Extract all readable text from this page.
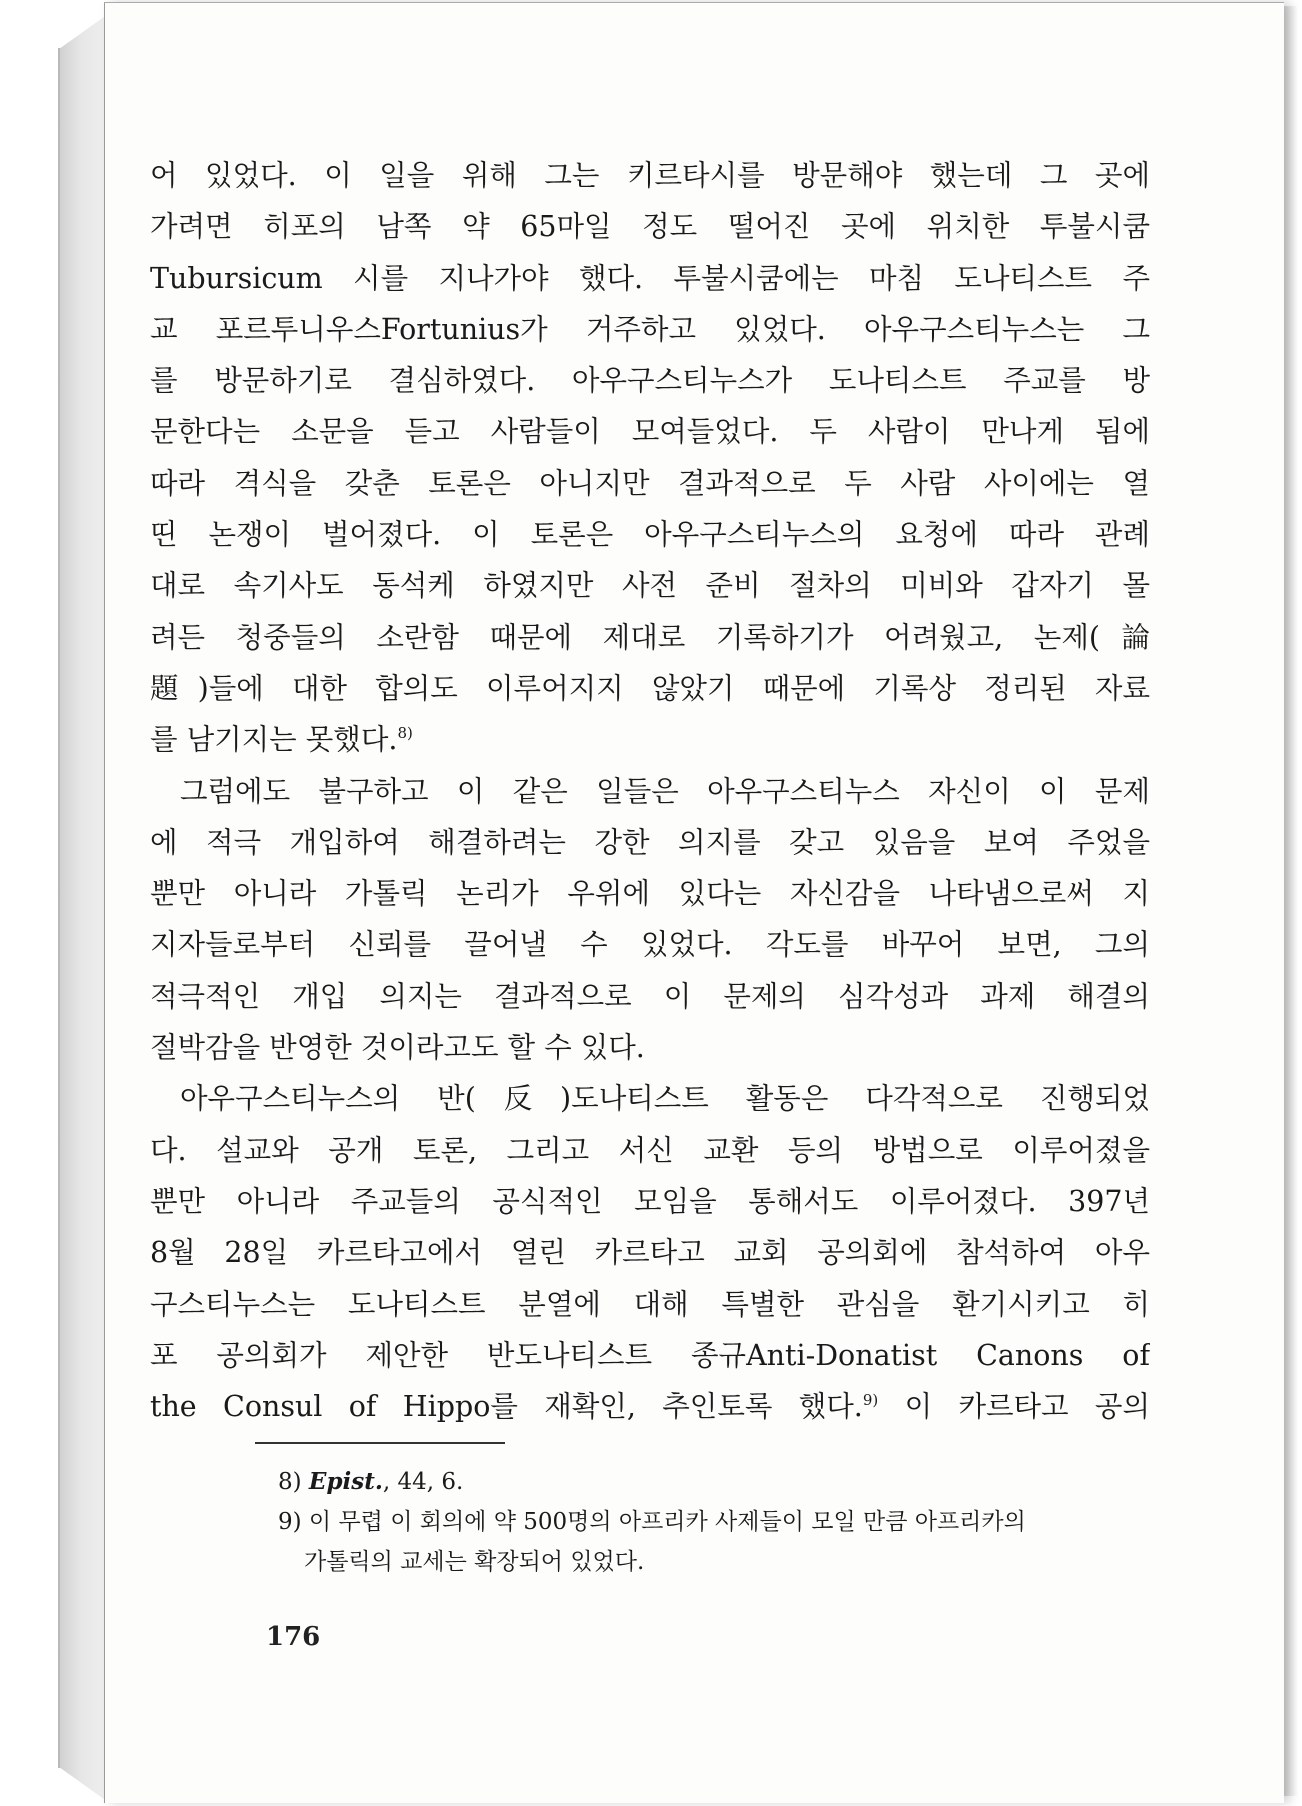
어 있었다. 이 일을 위해 그는 키르타시를 방문해야 했는데 그 곳에
가려면 히포의 남쪽 약 65마일 정도 떨어진 곳에 위치한 투불시쿰
Tubursicum 시를 지나가야 했다. 투불시쿰에는 마침 도나티스트 주
교 포르투니우스Fortunius가 거주하고 있었다. 아우구스티누스는 그
를 방문하기로 결심하였다. 아우구스티누스가 도나티스트 주교를 방
문한다는 소문을 듣고 사람들이 모여들었다. 두 사람이 만나게 됨에
따라 격식을 갖춘 토론은 아니지만 결과적으로 두 사람 사이에는 열
띤 논쟁이 벌어졌다. 이 토론은 아우구스티누스의 요청에 따라 관례
대로 속기사도 동석케 하였지만 사전 준비 절차의 미비와 갑자기 몰
려든 청중들의 소란함 때문에 제대로 기록하기가 어려웠고, 논제(論
題)들에 대한 합의도 이루어지지 않았기 때문에 기록상 정리된 자료
를 남기지는 못했다.$^{8)}$
그럼에도 불구하고 이 같은 일들은 아우구스티누스 자신이 이 문제
에 적극 개입하여 해결하려는 강한 의지를 갖고 있음을 보여 주었을
뿐만 아니라 가톨릭 논리가 우위에 있다는 자신감을 나타냄으로써 지
지자들로부터 신뢰를 끌어낼 수 있었다. 각도를 바꾸어 보면, 그의
적극적인 개입 의지는 결과적으로 이 문제의 심각성과 과제 해결의
절박감을 반영한 것이라고도 할 수 있다.
아우구스티누스의 반(反)도나티스트 활동은 다각적으로 진행되었
다. 설교와 공개 토론, 그리고 서신 교환 등의 방법으로 이루어졌을
뿐만 아니라 주교들의 공식적인 모임을 통해서도 이루어졌다. 397년
8월 28일 카르타고에서 열린 카르타고 교회 공의회에 참석하여 아우
구스티누스는 도나티스트 분열에 대해 특별한 관심을 환기시키고 히
포 공의회가 제안한 반도나티스트 종규Anti-Donatist Canons of
the Consul of Hippo를 재확인, 추인토록 했다.$^{9)}$ 이 카르타고 공의

8) Epist., 44, 6.

9) 이 무렵 이 회의에 약 500명의 아프리카 사제들이 모일 만큼 아프리카의

가톨릭의 교세는 확장되어 있었다.

176
